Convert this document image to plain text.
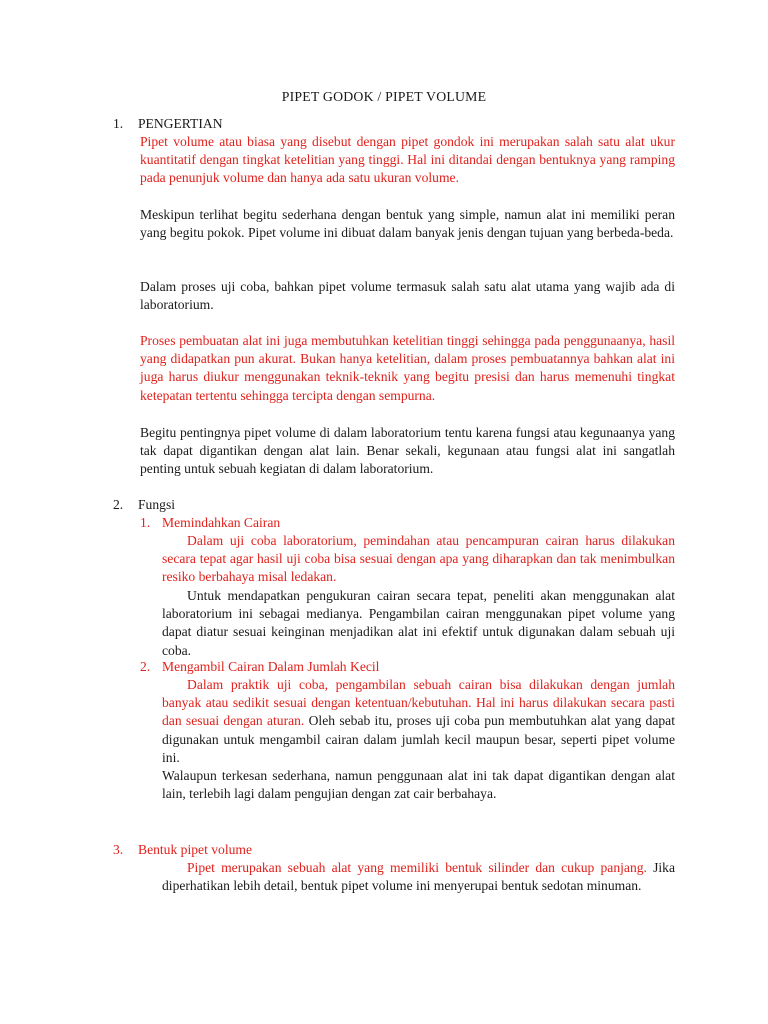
PIPET GODOK / PIPET VOLUME
1. PENGERTIAN

Pipet volume atau biasa yang disebut dengan pipet gondok ini merupakan salah satu alat ukur kuantitatif dengan tingkat ketelitian yang tinggi. Hal ini ditandai dengan bentuknya yang ramping pada penunjuk volume dan hanya ada satu ukuran volume.

Meskipun terlihat begitu sederhana dengan bentuk yang simple, namun alat ini memiliki peran yang begitu pokok. Pipet volume ini dibuat dalam banyak jenis dengan tujuan yang berbeda-beda.

Dalam proses uji coba, bahkan pipet volume termasuk salah satu alat utama yang wajib ada di laboratorium.

Proses pembuatan alat ini juga membutuhkan ketelitian tinggi sehingga pada penggunaanya, hasil yang didapatkan pun akurat. Bukan hanya ketelitian, dalam proses pembuatannya bahkan alat ini juga harus diukur menggunakan teknik-teknik yang begitu presisi dan harus memenuhi tingkat ketepatan tertentu sehingga tercipta dengan sempurna.

Begitu pentingnya pipet volume di dalam laboratorium tentu karena fungsi atau kegunaanya yang tak dapat digantikan dengan alat lain. Benar sekali, kegunaan atau fungsi alat ini sangatlah penting untuk sebuah kegiatan di dalam laboratorium.

2. Fungsi
1. Memindahkan Cairan

Dalam uji coba laboratorium, pemindahan atau pencampuran cairan harus dilakukan secara tepat agar hasil uji coba bisa sesuai dengan apa yang diharapkan dan tak menimbulkan resiko berbahaya misal ledakan.

Untuk mendapatkan pengukuran cairan secara tepat, peneliti akan menggunakan alat laboratorium ini sebagai medianya. Pengambilan cairan menggunakan pipet volume yang dapat diatur sesuai keinginan menjadikan alat ini efektif untuk digunakan dalam sebuah uji coba.

2. Mengambil Cairan Dalam Jumlah Kecil

Dalam praktik uji coba, pengambilan sebuah cairan bisa dilakukan dengan jumlah banyak atau sedikit sesuai dengan ketentuan/kebutuhan. Hal ini harus dilakukan secara pasti dan sesuai dengan aturan. Oleh sebab itu, proses uji coba pun membutuhkan alat yang dapat digunakan untuk mengambil cairan dalam jumlah kecil maupun besar, seperti pipet volume ini.

Walaupun terkesan sederhana, namun penggunaan alat ini tak dapat digantikan dengan alat lain, terlebih lagi dalam pengujian dengan zat cair berbahaya.

3. Bentuk pipet volume

Pipet merupakan sebuah alat yang memiliki bentuk silinder dan cukup panjang. Jika diperhatikan lebih detail, bentuk pipet volume ini menyerupai bentuk sedotan minuman.
